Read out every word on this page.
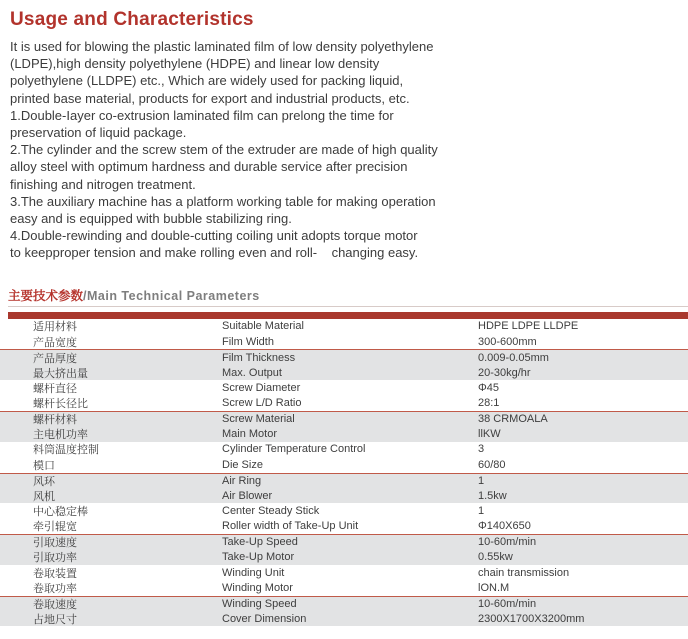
Usage and Characteristics
It is used for blowing the plastic laminated film of low density polyethylene
(LDPE),high density polyethylene (HDPE) and linear low density
polyethylene (LLDPE) etc., Which are widely used for packing liquid,
printed base material, products for export and industrial products, etc.
1.Double-Iayer co-extrusion laminated film can prelong the time for
preservation of liquid package.
2.The cylinder and the screw stem of the extruder are made of high quality
alloy steel with optimum hardness and durable service after precision
finishing and nitrogen treatment.
3.The auxiliary machine has a platform working table for making operation
easy and is equipped with bubble stabilizing ring.
4.Double-rewinding and double-cutting coiling unit adopts torque motor
to keepproper tension and make rolling even and roll-    changing easy.
主要技术参数/Main Technical Parameters
适用材料	Suitable Material	HDPE LDPE LLDPE
产品宽度	Film Width	300-600mm
产品厚度	Film Thickness	0.009-0.05mm
最大挤出量	Max. Output	20-30kg/hr
螺杆直径	Screw Diameter	Φ45
螺杆长径比	Screw L/D Ratio	28:1
螺杆材料	Screw Material	38 CRMOALA
主电机功率	Main Motor	llKW
料筒温度控制	Cylinder Temperature Control	3
模口	Die Size	60/80
风环	Air Ring	1
风机	Air Blower	1.5kw
中心稳定棒	Center Steady Stick	1
牵引辊宽	Roller width of Take-Up Unit	Φ140X650
引取速度	Take-Up Speed	10-60m/min
引取功率	Take-Up Motor	0.55kw
卷取装置	Winding Unit	chain transmission
卷取功率	Winding Motor	lON.M
卷取速度	Winding Speed	10-60m/min
占地尺寸	Cover Dimension	2300X1700X3200mm
